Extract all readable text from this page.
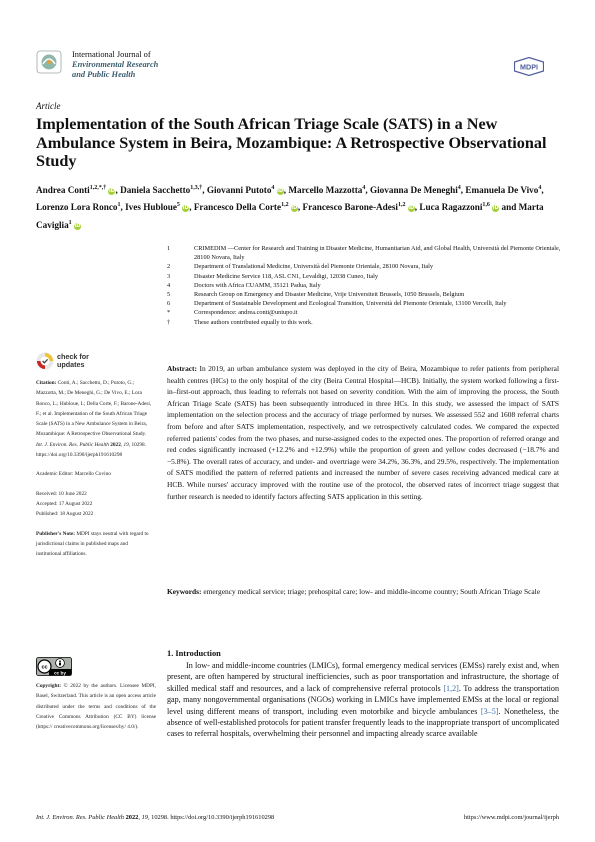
International Journal of
Environmental Research
and Public Health
MDPI
Article
Implementation of the South African Triage Scale (SATS) in a New Ambulance System in Beira, Mozambique: A Retrospective Observational Study
Andrea Conti$^{1,2,*,\dagger}$ iD, Daniela Sacchetto$^{1,3,\dagger}$, Giovanni Putoto$^4$ iD, Marcello Mazzotta$^4$, Giovanna De Meneghi$^4$, Emanuela De Vivo$^4$, Lorenzo Lora Ronco$^1$, Ives Hubloue$^5$ iD, Francesco Della Corte$^{1,2}$ iD, Francesco Barone-Adesi$^{1,2}$ iD, Luca Ragazzoni$^{1,6}$ iD and Marta Caviglia$^1$ iD
1	CRIMEDIM —Center for Research and Training in Disaster Medicine, Humanitarian Aid, and Global Health, Università del Piemonte Orientale, 28100 Novara, Italy
2	Department of Translational Medicine, Università del Piemonte Orientale, 28100 Novara, Italy
3	Disaster Medicine Service 118, ASL CN1, Levaldigi, 12038 Cuneo, Italy
4	Doctors with Africa CUAMM, 35121 Padua, Italy
5	Research Group on Emergency and Disaster Medicine, Vrije Universiteit Brussels, 1050 Brussels, Belgium
6	Department of Sustainable Development and Ecological Transition, Università del Piemonte Orientale, 13100 Vercelli, Italy
*	Correspondence: andrea.conti@uniupo.it
†	These authors contributed equally to this work.
check for
updates

Citation: Conti, A.; Sacchetto, D.; Putoto, G.; Mazzotta, M.; De Meneghi, G.; De Vivo, E.; Lora Ronco, L.; Hubloue, I.; Della Corte, F.; Barone-Adesi, F.; et al. Implementation of the South African Triage Scale (SATS) in a New Ambulance System in Beira, Mozambique: A Retrospective Observational Study. Int. J. Environ. Res. Public Health 2022, 19, 10298. https://doi.org/10.3390/ijerph191610298

Academic Editor: Marcello Covino

Received: 10 June 2022

Accepted: 17 August 2022

Published: 18 August 2022

Publisher's Note: MDPI stays neutral with regard to jurisdictional claims in published maps and institutional affiliations.

cc
cc by

Copyright: © 2022 by the authors. Licensee MDPI, Basel, Switzerland. This article is an open access article distributed under the terms and conditions of the Creative Commons Attribution (CC BY) license (https:// creativecommons.org/licenses/by/ 4.0/).

Abstract: In 2019, an urban ambulance system was deployed in the city of Beira, Mozambique to refer patients from peripheral health centres (HCs) to the only hospital of the city (Beira Central Hospital—HCB). Initially, the system worked following a first-in–first-out approach, thus leading to referrals not based on severity condition. With the aim of improving the process, the South African Triage Scale (SATS) has been subsequently introduced in three HCs. In this study, we assessed the impact of SATS implementation on the selection process and the accuracy of triage performed by nurses. We assessed 552 and 1608 referral charts from before and after SATS implementation, respectively, and we retrospectively calculated codes. We compared the expected referred patients' codes from the two phases, and nurse-assigned codes to the expected ones. The proportion of referred orange and red codes significantly increased (+12.2% and +12.9%) while the proportion of green and yellow codes decreased (−18.7% and −5.8%). The overall rates of accuracy, and under- and overtriage were 34.2%, 36.3%, and 29.5%, respectively. The implementation of SATS modified the pattern of referred patients and increased the number of severe cases receiving advanced medical care at HCB. While nurses' accuracy improved with the routine use of the protocol, the observed rates of incorrect triage suggest that further research is needed to identify factors affecting SATS application in this setting.

Keywords: emergency medical service; triage; prehospital care; low- and middle-income country; South African Triage Scale

1. Introduction

In low- and middle-income countries (LMICs), formal emergency medical services (EMSs) rarely exist and, when present, are often hampered by structural inefficiencies, such as poor transportation and infrastructure, the shortage of skilled medical staff and resources, and a lack of comprehensive referral protocols [1,2]. To address the transportation gap, many nongovernmental organisations (NGOs) working in LMICs have implemented EMSs at the local or regional level using different means of transport, including even motorbike and bicycle ambulances [3–5]. Nonetheless, the absence of well-established protocols for patient transfer frequently leads to the inappropriate transport of uncomplicated cases to referral hospitals, overwhelming their personnel and impacting already scarce available

Int. J. Environ. Res. Public Health 2022, 19, 10298. https://doi.org/10.3390/ijerph191610298	https://www.mdpi.com/journal/ijerph
